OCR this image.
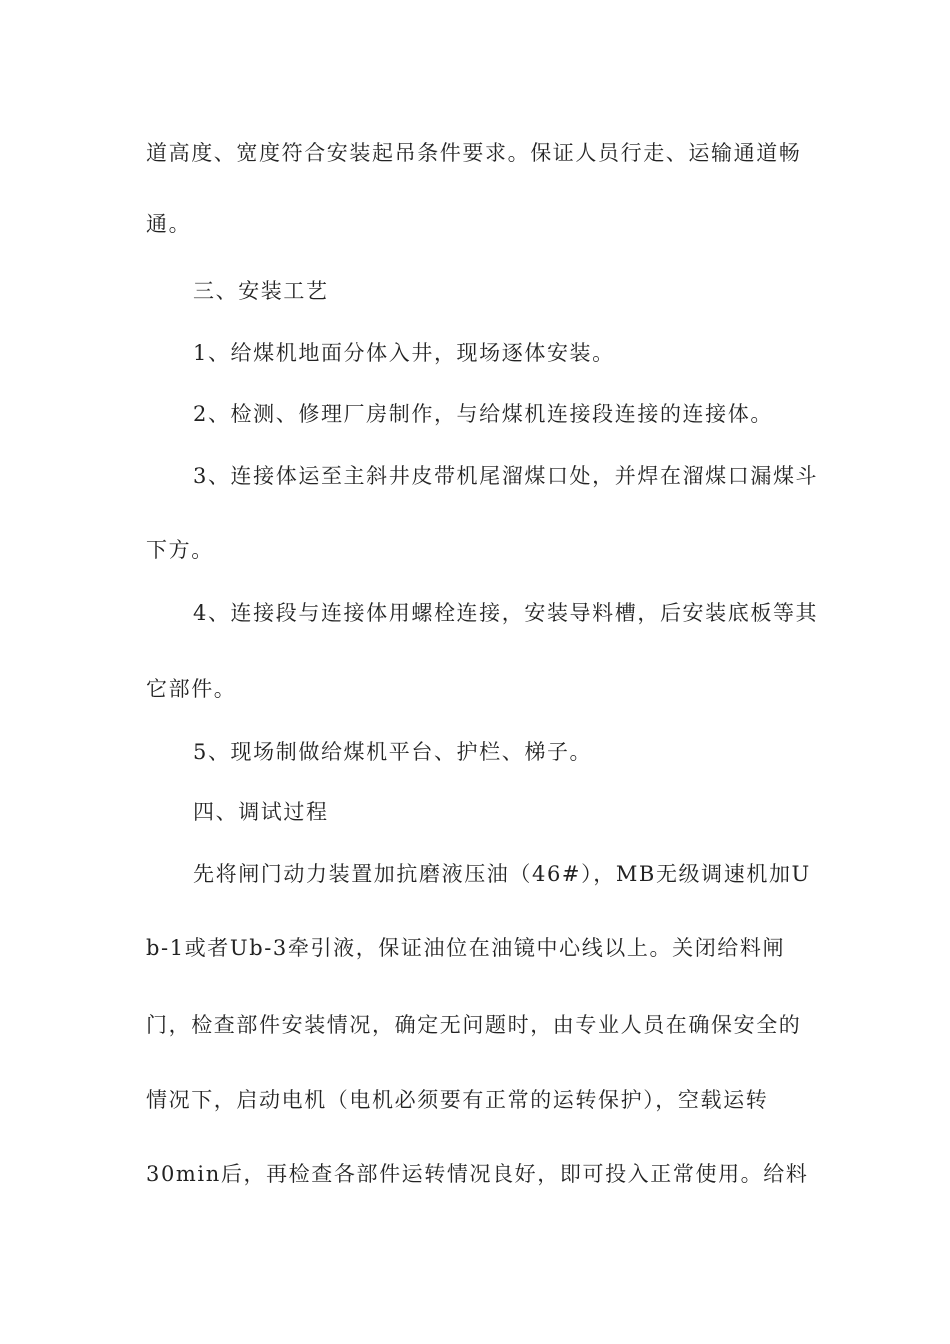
道高度、宽度符合安装起吊条件要求。保证人员行走、运输通道畅
通。
三、安装工艺
1、给煤机地面分体入井，现场逐体安装。
2、检测、修理厂房制作，与给煤机连接段连接的连接体。
3、连接体运至主斜井皮带机尾溜煤口处，并焊在溜煤口漏煤斗
下方。
4、连接段与连接体用螺栓连接，安装导料槽，后安装底板等其
它部件。
5、现场制做给煤机平台、护栏、梯子。
四、调试过程
先将闸门动力装置加抗磨液压油（46#），MB无级调速机加U
b-1或者Ub-3牵引液，保证油位在油镜中心线以上。关闭给料闸
门，检查部件安装情况，确定无问题时，由专业人员在确保安全的
情况下，启动电机（电机必须要有正常的运转保护），空载运转
30min后，再检查各部件运转情况良好，即可投入正常使用。给料
